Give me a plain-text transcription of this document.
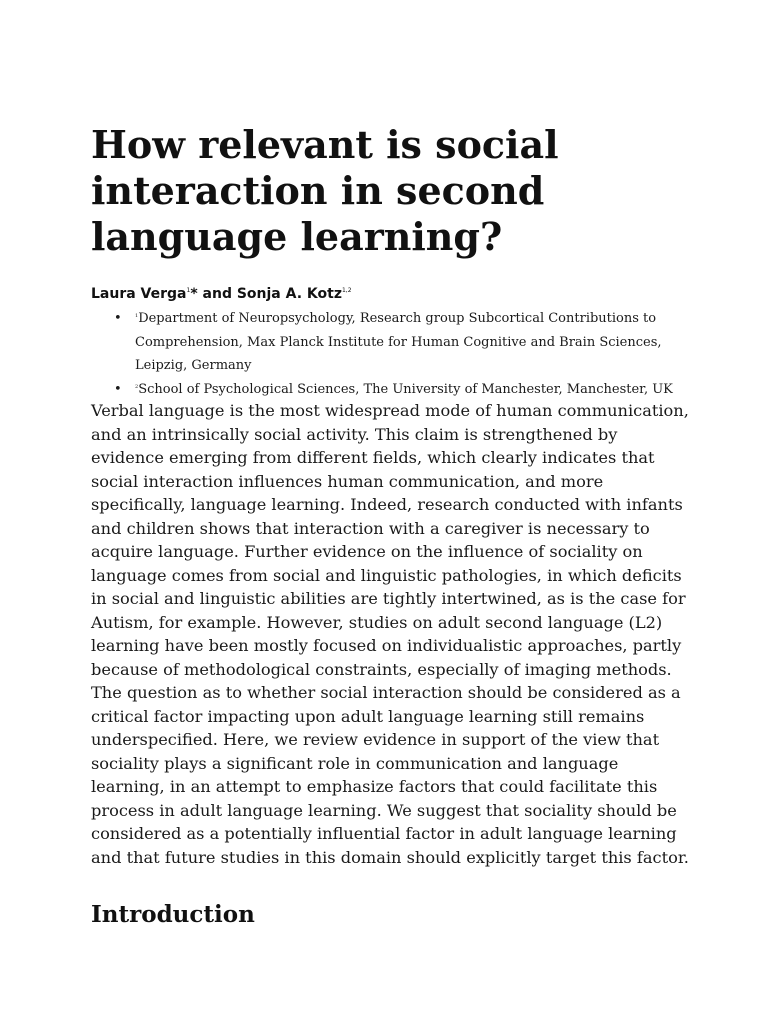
How relevant is social interaction in second language learning?
Laura Verga$^1$* and Sonja A. Kotz$^{1,2}$
•	$^1$Department of Neuropsychology, Research group Subcortical Contributions to Comprehension, Max Planck Institute for Human Cognitive and Brain Sciences, Leipzig, Germany
•	$^2$School of Psychological Sciences, The University of Manchester, Manchester, UK

Verbal language is the most widespread mode of human communication, and an intrinsically social activity. This claim is strengthened by evidence emerging from different fields, which clearly indicates that social interaction influences human communication, and more specifically, language learning. Indeed, research conducted with infants and children shows that interaction with a caregiver is necessary to acquire language. Further evidence on the influence of sociality on language comes from social and linguistic pathologies, in which deficits in social and linguistic abilities are tightly intertwined, as is the case for Autism, for example. However, studies on adult second language (L2) learning have been mostly focused on individualistic approaches, partly because of methodological constraints, especially of imaging methods. The question as to whether social interaction should be considered as a critical factor impacting upon adult language learning still remains underspecified. Here, we review evidence in support of the view that sociality plays a significant role in communication and language learning, in an attempt to emphasize factors that could facilitate this process in adult language learning. We suggest that sociality should be considered as a potentially influential factor in adult language learning and that future studies in this domain should explicitly target this factor.

Introduction
